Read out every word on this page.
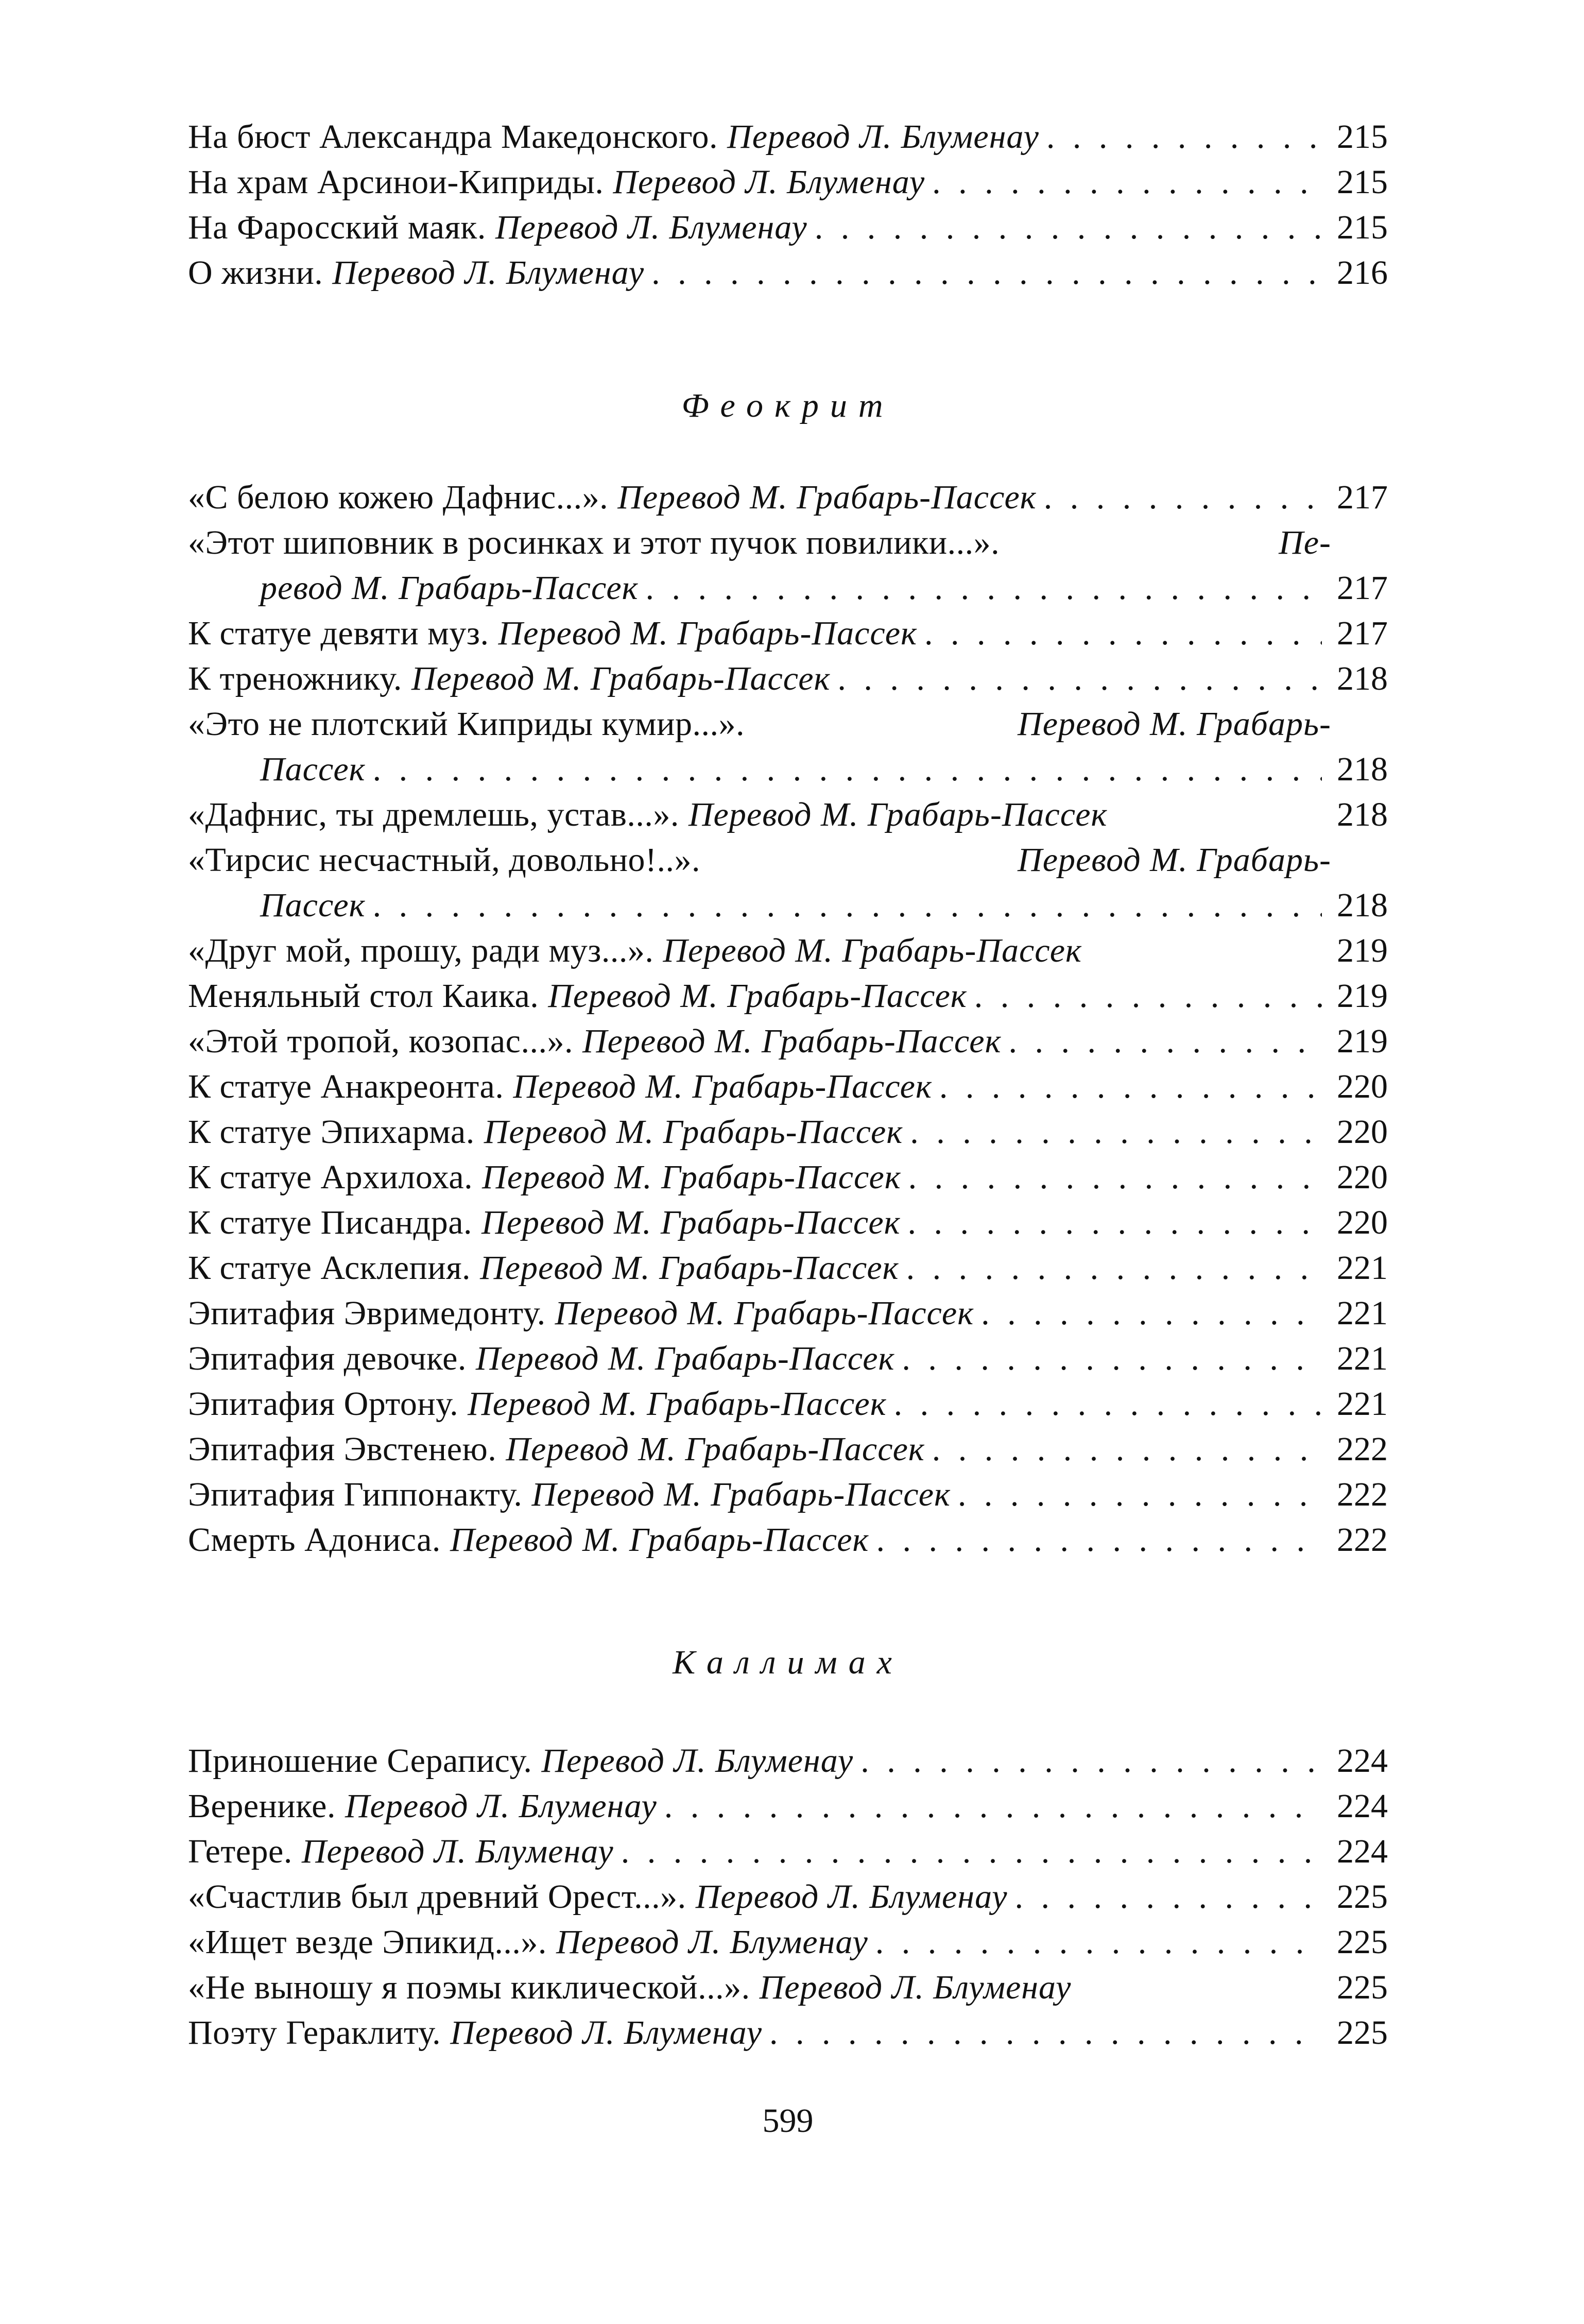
На бюст Александра Македонского. Перевод Л. Блуменау . . .	215
На храм Арсинои-Киприды. Перевод Л. Блуменау . . .	215
На Фаросский маяк. Перевод Л. Блуменау . . .	215
О жизни. Перевод Л. Блуменау . . .	216
Феокрит
«С белою кожею Дафнис...». Перевод М. Грабарь-Пассек . . .	217
«Этот шиповник в росинках и этот пучок повилики...».	Пе-
ревод М. Грабарь-Пассек . . .	217
К статуе девяти муз. Перевод М. Грабарь-Пассек . . .	217
К треножнику. Перевод М. Грабарь-Пассек . . .	218
«Это не плотский Киприды кумир...».	Перевод М. Грабарь-
Пассек . . .	218
«Дафнис, ты дремлешь, устав...». Перевод М. Грабарь-Пассек	218
«Тирсис несчастный, довольно!..».	Перевод М. Грабарь-
Пассек . . .	218
«Друг мой, прошу, ради муз...». Перевод М. Грабарь-Пассек	219
Меняльный стол Каика. Перевод М. Грабарь-Пассек . . .	219
«Этой тропой, козопас...». Перевод М. Грабарь-Пассек . . .	219
К статуе Анакреонта. Перевод М. Грабарь-Пассек . . .	220
К статуе Эпихарма. Перевод М. Грабарь-Пассек . . .	220
К статуе Архилоха. Перевод М. Грабарь-Пассек . . .	220
К статуе Писандра. Перевод М. Грабарь-Пассек . . .	220
К статуе Асклепия. Перевод М. Грабарь-Пассек . . .	221
Эпитафия Эвримедонту. Перевод М. Грабарь-Пассек . . .	221
Эпитафия девочке. Перевод М. Грабарь-Пассек . . .	221
Эпитафия Ортону. Перевод М. Грабарь-Пассек . . .	221
Эпитафия Эвстенею. Перевод М. Грабарь-Пассек . . .	222
Эпитафия Гиппонакту. Перевод М. Грабарь-Пассек . . .	222
Смерть Адониса. Перевод М. Грабарь-Пассек . . .	222
Каллимах
Приношение Серапису. Перевод Л. Блуменау . . .	224
Веренике. Перевод Л. Блуменау . . .	224
Гетере. Перевод Л. Блуменау . . .	224
«Счастлив был древний Орест...». Перевод Л. Блуменау . . .	225
«Ищет везде Эпикид...». Перевод Л. Блуменау . . .	225
«Не выношу я поэмы киклической...». Перевод Л. Блуменау	225
Поэту Гераклиту. Перевод Л. Блуменау . . .	225
599
